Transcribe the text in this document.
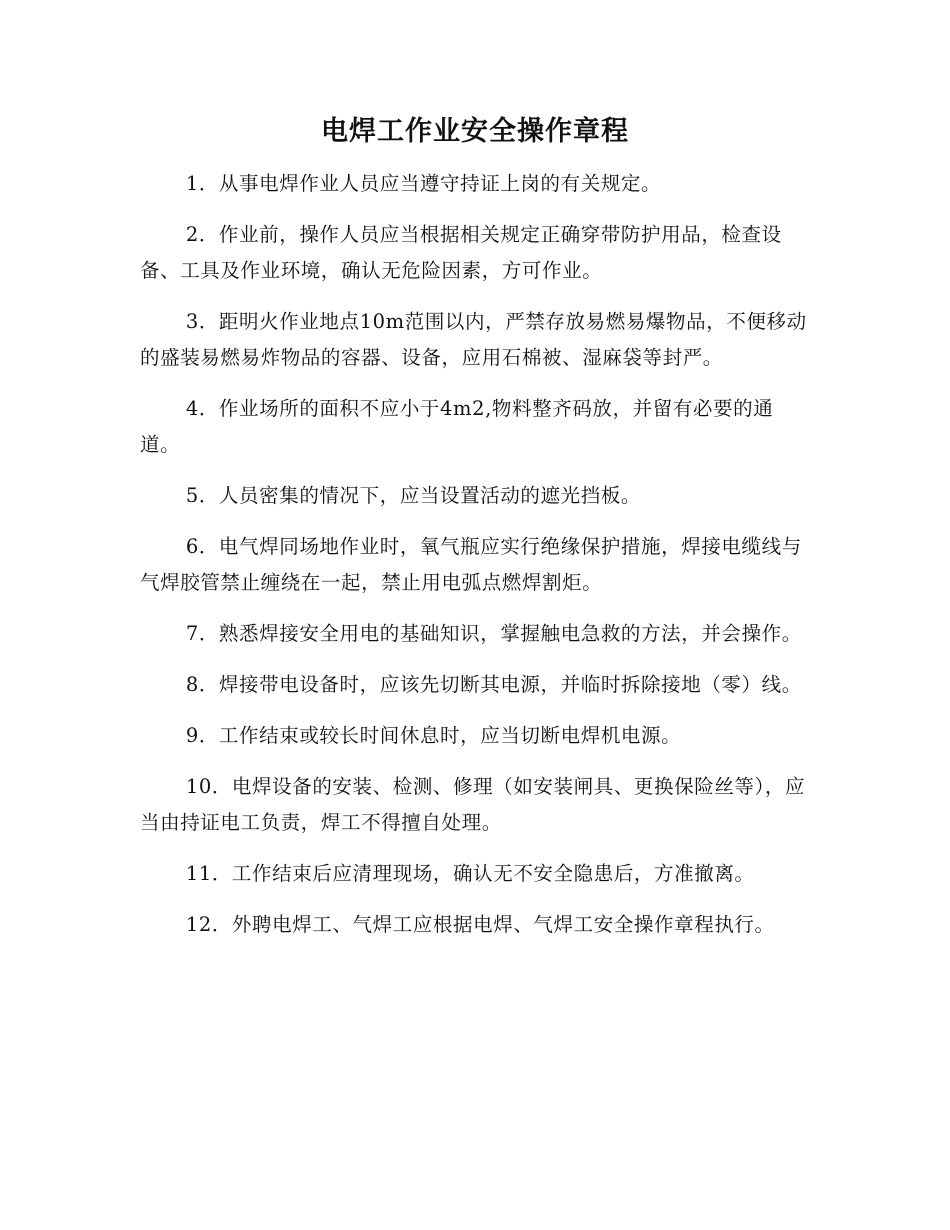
电焊工作业安全操作章程

1．从事电焊作业人员应当遵守持证上岗的有关规定。

2．作业前，操作人员应当根据相关规定正确穿带防护用品，检查设备、工具及作业环境，确认无危险因素，方可作业。

3．距明火作业地点10m范围以内，严禁存放易燃易爆物品，不便移动的盛装易燃易炸物品的容器、设备，应用石棉被、湿麻袋等封严。

4．作业场所的面积不应小于4m2,物料整齐码放，并留有必要的通道。

5．人员密集的情况下，应当设置活动的遮光挡板。

6．电气焊同场地作业时，氧气瓶应实行绝缘保护措施，焊接电缆线与气焊胶管禁止缠绕在一起，禁止用电弧点燃焊割炬。

7．熟悉焊接安全用电的基础知识，掌握触电急救的方法，并会操作。

8．焊接带电设备时，应该先切断其电源，并临时拆除接地（零）线。

9．工作结束或较长时间休息时，应当切断电焊机电源。

10．电焊设备的安装、检测、修理（如安装闸具、更换保险丝等），应当由持证电工负责，焊工不得擅自处理。

11．工作结束后应清理现场，确认无不安全隐患后，方准撤离。

12．外聘电焊工、气焊工应根据电焊、气焊工安全操作章程执行。
